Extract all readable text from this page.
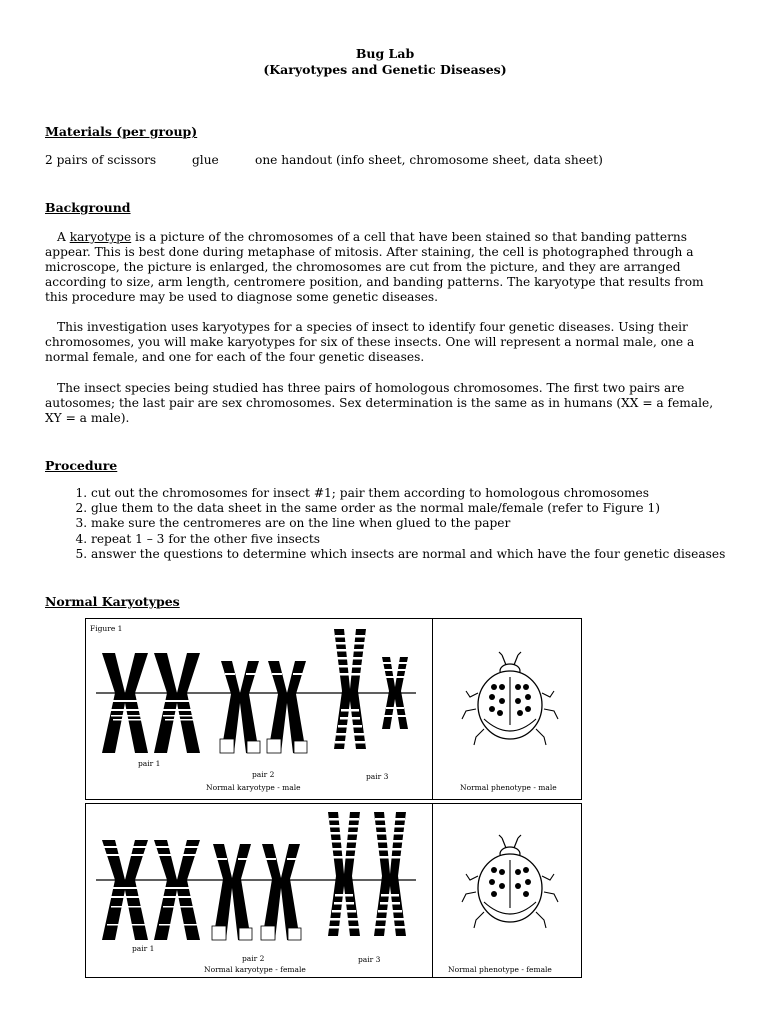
Bug Lab
(Karyotypes and Genetic Diseases)
Materials (per group)
2 pairs of scissors	glue	one handout (info sheet, chromosome sheet, data sheet)
Background
A karyotype is a picture of the chromosomes of a cell that have been stained so that banding patterns appear. This is best done during metaphase of mitosis. After staining, the cell is photographed through a microscope, the picture is enlarged, the chromosomes are cut from the picture, and they are arranged according to size, arm length, centromere position, and banding patterns. The karyotype that results from this procedure may be used to diagnose some genetic diseases.
This investigation uses karyotypes for a species of insect to identify four genetic diseases. Using their chromosomes, you will make karyotypes for six of these insects. One will represent a normal male, one a normal female, and one for each of the four genetic diseases.
The insect species being studied has three pairs of homologous chromosomes. The first two pairs are autosomes; the last pair are sex chromosomes. Sex determination is the same as in humans (XX = a female, XY = a male).
Procedure
1. cut out the chromosomes for insect #1; pair them according to homologous chromosomes
2. glue them to the data sheet in the same order as the normal male/female (refer to Figure 1)
3. make sure the centromeres are on the line when glued to the paper
4. repeat 1 – 3 for the other five insects
5. answer the questions to determine which insects are normal and which have the four genetic diseases
Normal Karyotypes
Figure 1
pair 1
pair 2	pair 3
Normal karyotype - male	Normal phenotype - male
pair 1
pair 2	pair 3
Normal karyotype - female	Normal phenotype - female
